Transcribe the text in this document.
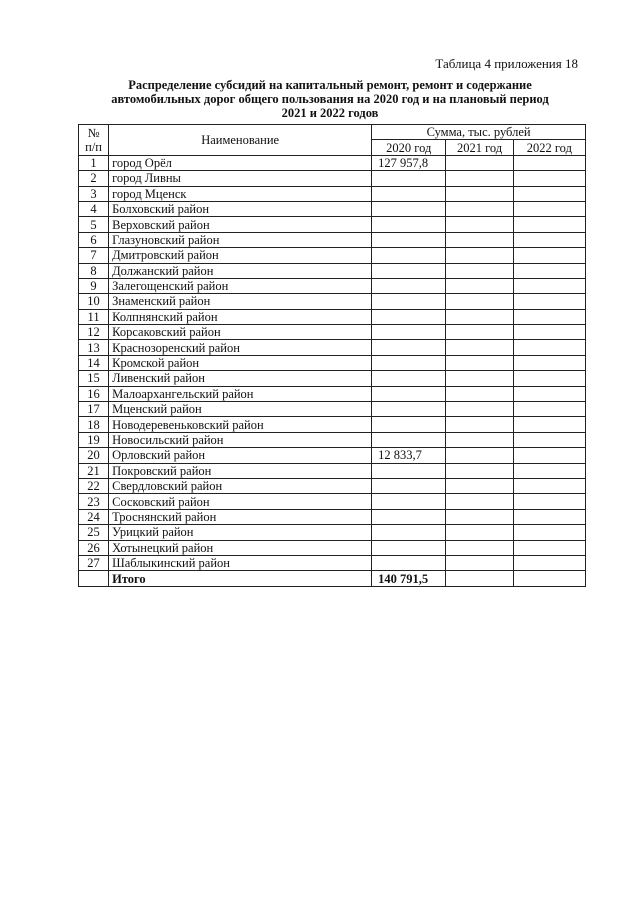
Таблица 4 приложения 18
Распределение субсидий на капитальный ремонт, ремонт и содержание
автомобильных дорог общего пользования на 2020 год и на плановый период
2021 и 2022 годов
№
п/п	Наименование	Сумма, тыс. рублей		
		2020 год	2021 год	2022 год
1	город Орёл	127 957,8		
2	город Ливны			
3	город Мценск			
4	Болховский район			
5	Верховский район			
6	Глазуновский район			
7	Дмитровский район			
8	Должанский район			
9	Залегощенский район			
10	Знаменский район			
11	Колпнянский район			
12	Корсаковский район			
13	Краснозоренский район			
14	Кромской район			
15	Ливенский район			
16	Малоархангельский район			
17	Мценский район			
18	Новодеревеньковский район			
19	Новосильский район			
20	Орловский район	12 833,7		
21	Покровский район			
22	Свердловский район			
23	Сосковский район			
24	Троснянский район			
25	Урицкий район			
26	Хотынецкий район			
27	Шаблыкинский район			
	Итого	140 791,5		
